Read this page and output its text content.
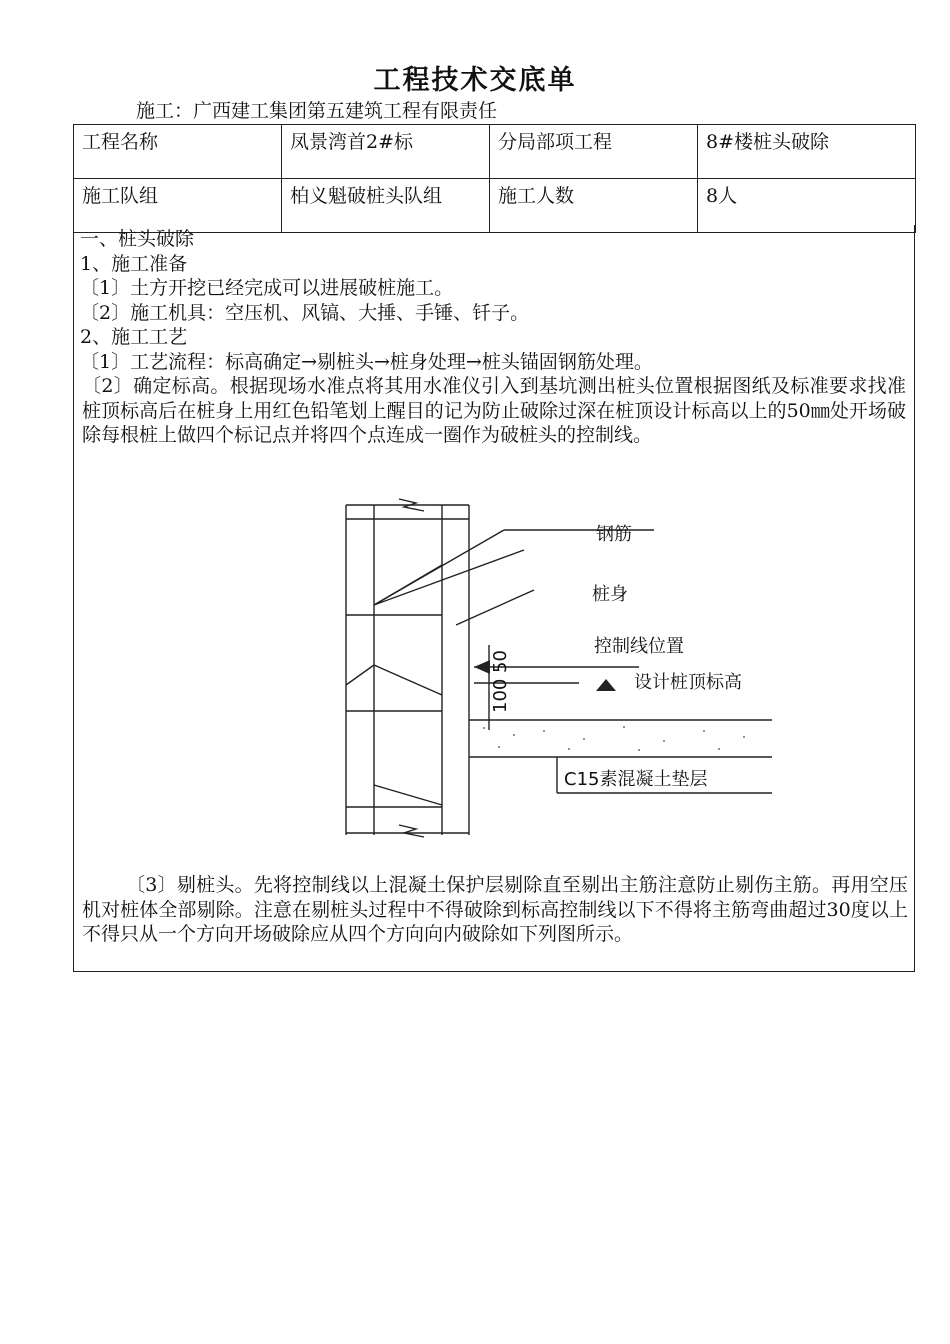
工程技术交底单
施工：广西建工集团第五建筑工程有限责任
工程名称	凤景湾首2#标	分局部项工程	8#楼桩头破除
施工队组	柏义魁破桩头队组	施工人数	8人

一、桩头破除

1、施工准备

〔1〕土方开挖已经完成可以进展破桩施工。

〔2〕施工机具：空压机、风镐、大捶、手锤、钎子。

2、施工工艺

〔1〕工艺流程：标高确定→剔桩头→桩身处理→桩头锚固钢筋处理。

〔2〕确定标高。根据现场水准点将其用水准仪引入到基坑测出桩头位置根据图纸及标准要求找准桩顶标高后在桩身上用红色铅笔划上醒目的记为防止破除过深在桩顶设计标高以上的50㎜处开场破除每根桩上做四个标记点并将四个点连成一圈作为破桩头的控制线。

钢筋
桩身
控制线位置
设计桩顶标高
50
100
C15素混凝土垫层

〔3〕剔桩头。先将控制线以上混凝土保护层剔除直至剔出主筋注意防止剔伤主筋。再用空压机对桩体全部剔除。注意在剔桩头过程中不得破除到标高控制线以下不得将主筋弯曲超过30度以上不得只从一个方向开场破除应从四个方向向内破除如下列图所示。
